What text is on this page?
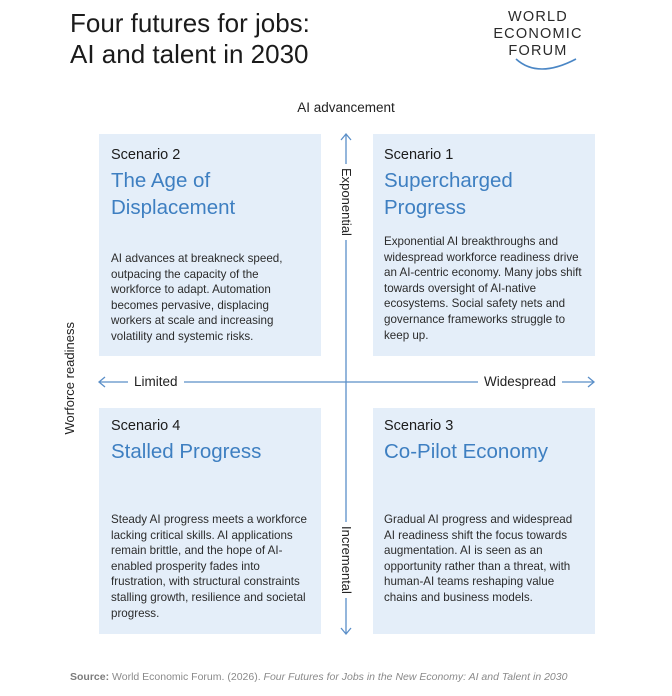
Four futures for jobs:
AI and talent in 2030
WORLD
ECONOMIC
FORUM
AI advancement
Scenario 2
The Age of
Displacement
AI advances at breakneck speed, outpacing the capacity of the workforce to adapt. Automation becomes pervasive, displacing workers at scale and increasing volatility and systemic risks.
Scenario 1
Supercharged
Progress
Exponential AI breakthroughs and widespread workforce readiness drive an AI-centric economy. Many jobs shift towards oversight of AI-native ecosystems. Social safety nets and governance frameworks struggle to keep up.
Scenario 4
Stalled Progress
Steady AI progress meets a workforce lacking critical skills. AI applications remain brittle, and the hope of AI-enabled prosperity fades into frustration, with structural constraints stalling growth, resilience and societal progress.
Scenario 3
Co-Pilot Economy
Gradual AI progress and widespread AI readiness shift the focus towards augmentation. AI is seen as an opportunity rather than a threat, with human-AI teams reshaping value chains and business models.
Limited	Widespread
Exponential
Incremental
Worforce readiness
Source: World Economic Forum. (2026). Four Futures for Jobs in the New Economy: AI and Talent in 2030
